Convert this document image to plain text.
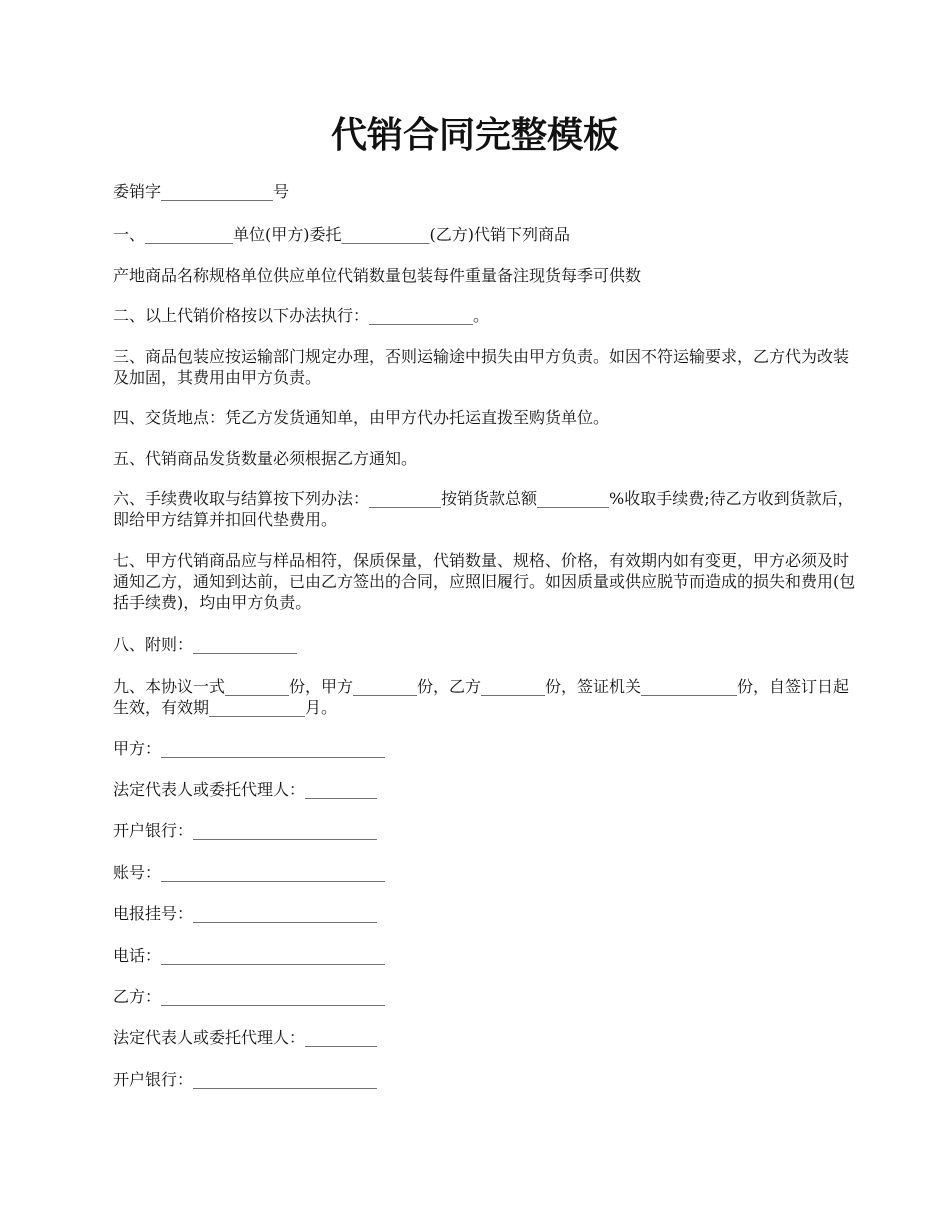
代销合同完整模板

委销字______________号

一、___________单位(甲方)委托___________(乙方)代销下列商品

产地商品名称规格单位供应单位代销数量包装每件重量备注现货每季可供数

二、以上代销价格按以下办法执行：_____________。

三、商品包装应按运输部门规定办理，否则运输途中损失由甲方负责。如因不符运输要求，乙方代为改装及加固，其费用由甲方负责。

四、交货地点：凭乙方发货通知单，由甲方代办托运直拨至购货单位。

五、代销商品发货数量必须根据乙方通知。

六、手续费收取与结算按下列办法：_________按销货款总额_________%收取手续费;待乙方收到货款后，即给甲方结算并扣回代垫费用。

七、甲方代销商品应与样品相符，保质保量，代销数量、规格、价格，有效期内如有变更，甲方必须及时通知乙方，通知到达前，已由乙方签出的合同，应照旧履行。如因质量或供应脱节而造成的损失和费用(包括手续费)，均由甲方负责。

八、附则：_____________

九、本协议一式________份，甲方________份，乙方________份，签证机关____________份，自签订日起生效，有效期____________月。

甲方：____________________________

法定代表人或委托代理人：_________

开户银行：_______________________

账号：____________________________

电报挂号：_______________________

电话：____________________________

乙方：____________________________

法定代表人或委托代理人：_________

开户银行：_______________________
